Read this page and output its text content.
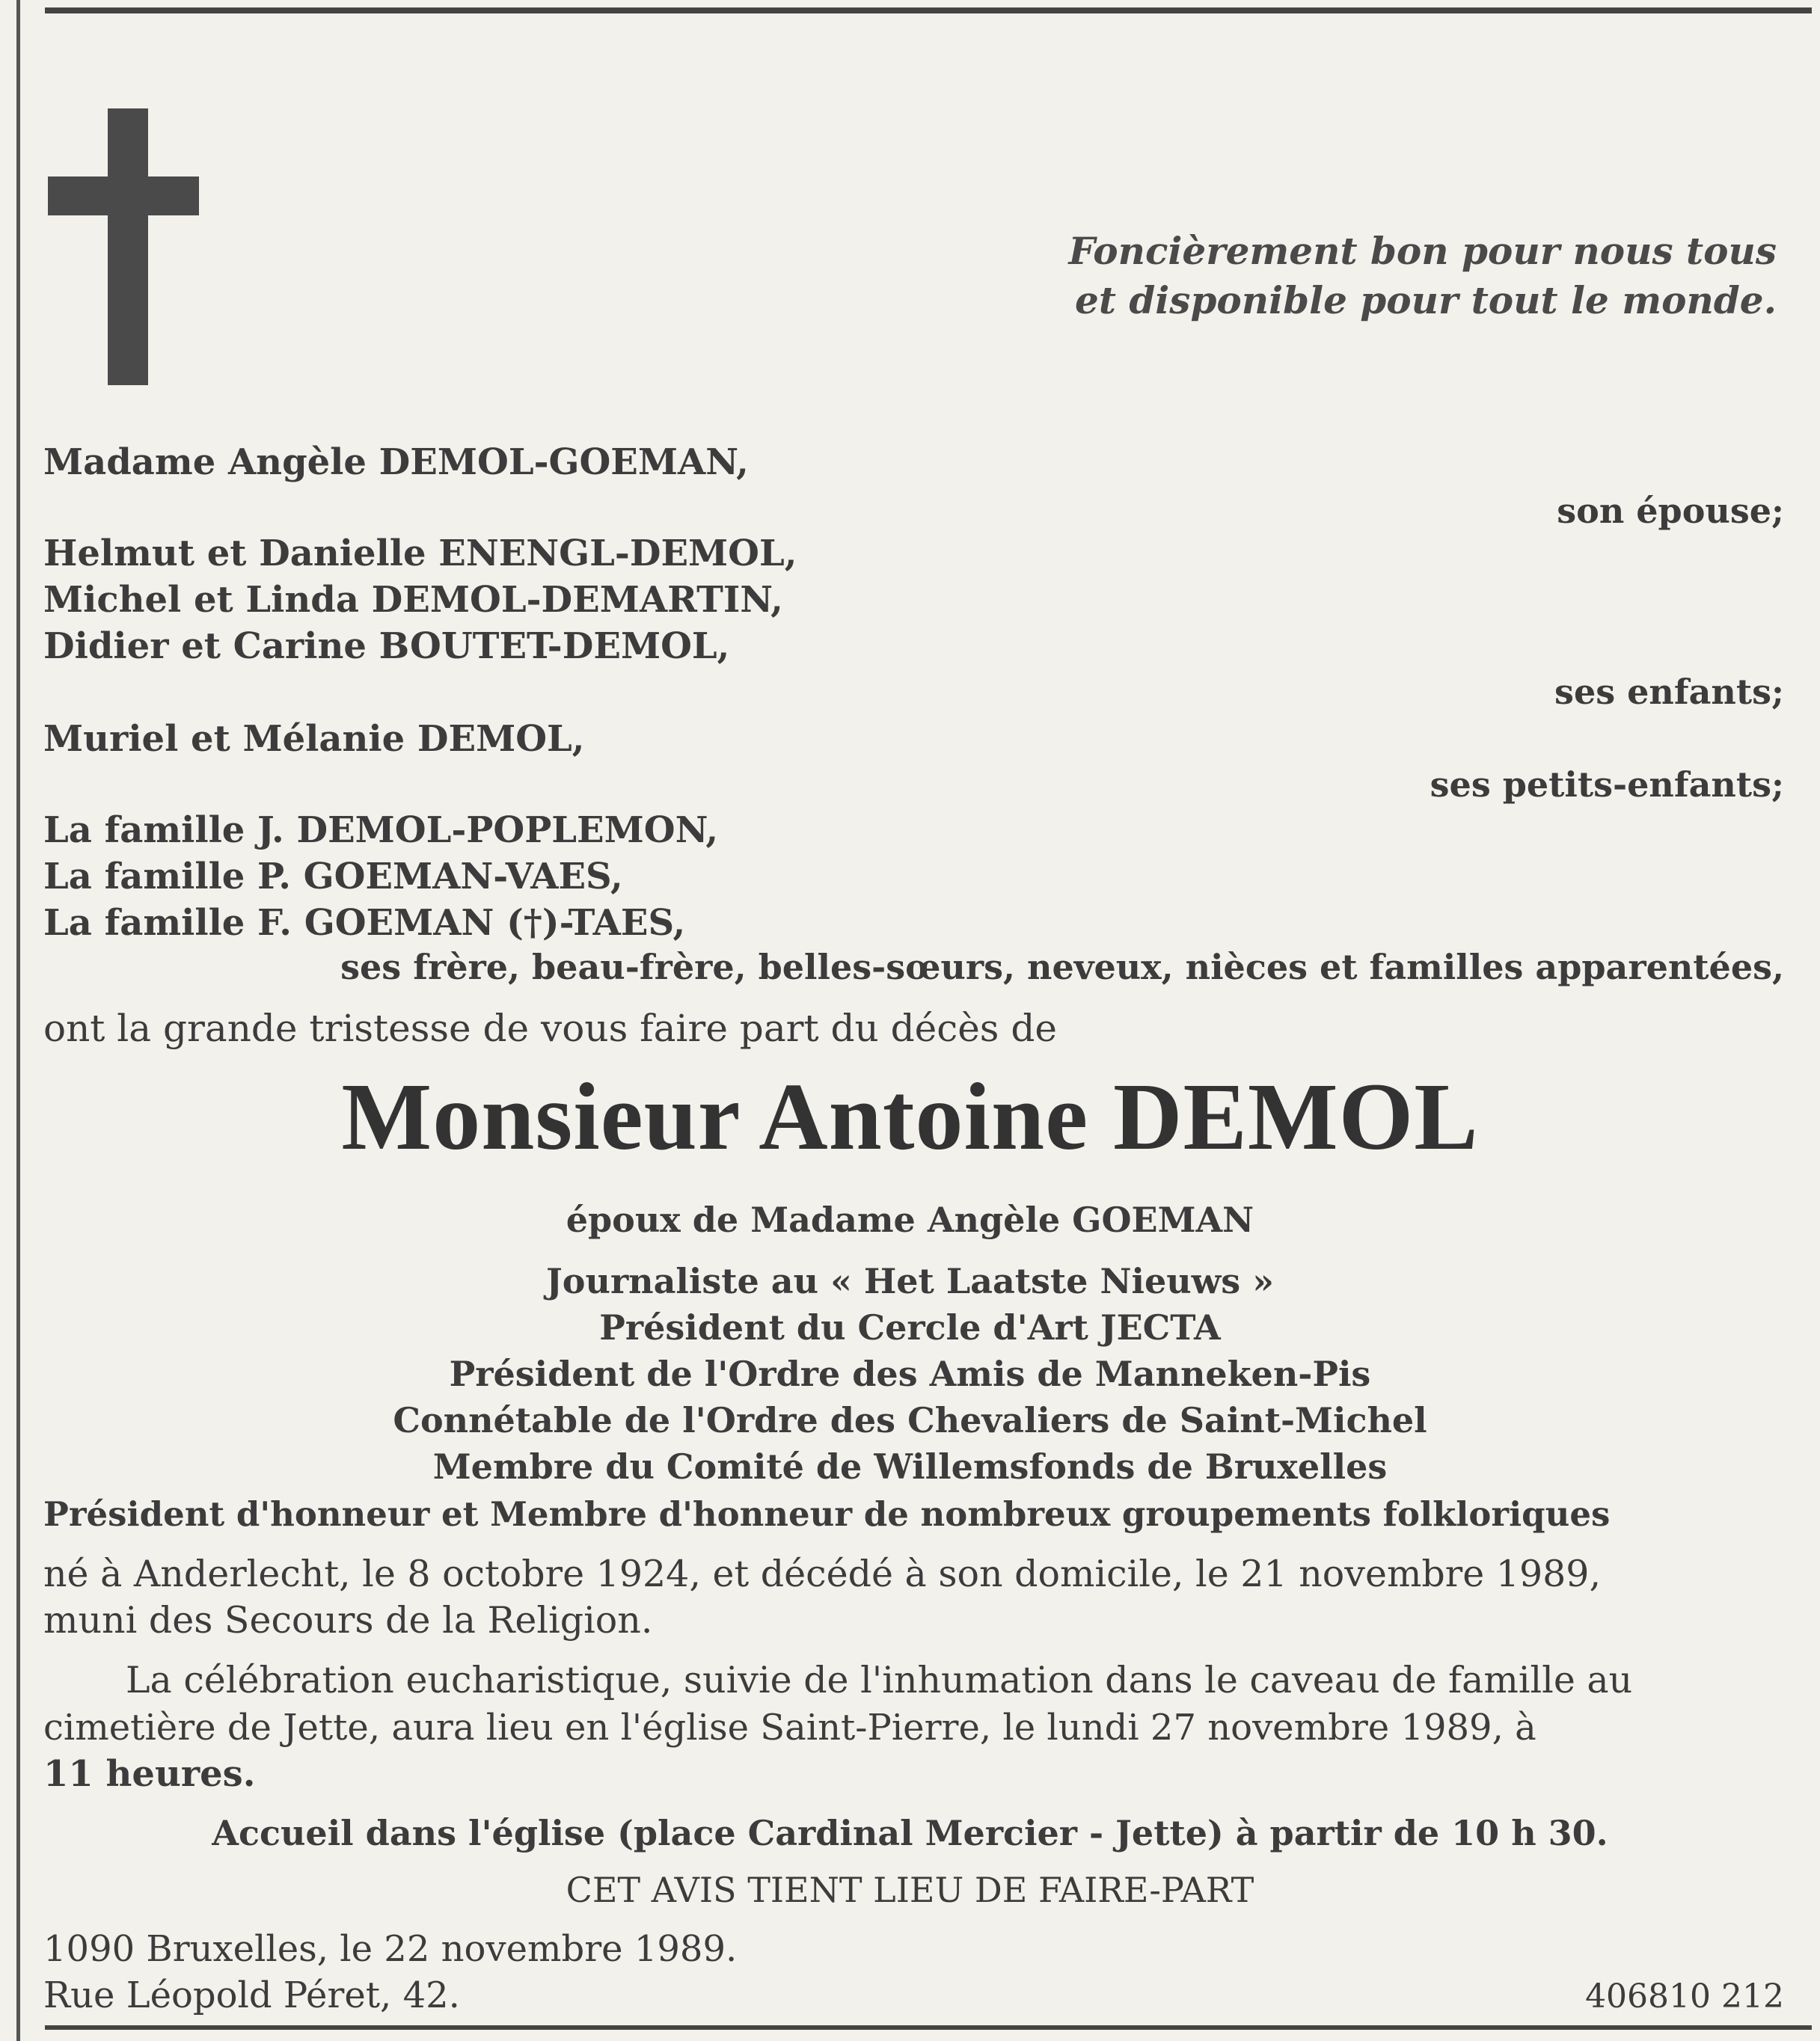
Foncièrement bon pour nous tous
et disponible pour tout le monde.
Madame Angèle DEMOL-GOEMAN,
son épouse;
Helmut et Danielle ENENGL-DEMOL,
Michel et Linda DEMOL-DEMARTIN,
Didier et Carine BOUTET-DEMOL,
ses enfants;
Muriel et Mélanie DEMOL,
ses petits-enfants;
La famille J. DEMOL-POPLEMON,
La famille P. GOEMAN-VAES,
La famille F. GOEMAN (†)-TAES,
ses frère, beau-frère, belles-sœurs, neveux, nièces et familles apparentées,
ont la grande tristesse de vous faire part du décès de
Monsieur Antoine DEMOL
époux de Madame Angèle GOEMAN
Journaliste au « Het Laatste Nieuws »
Président du Cercle d'Art JECTA
Président de l'Ordre des Amis de Manneken-Pis
Connétable de l'Ordre des Chevaliers de Saint-Michel
Membre du Comité de Willemsfonds de Bruxelles
Président d'honneur et Membre d'honneur de nombreux groupements folkloriques
né à Anderlecht, le 8 octobre 1924, et décédé à son domicile, le 21 novembre 1989,
muni des Secours de la Religion.
La célébration eucharistique, suivie de l'inhumation dans le caveau de famille au
cimetière de Jette, aura lieu en l'église Saint-Pierre, le lundi 27 novembre 1989, à
11 heures.
Accueil dans l'église (place Cardinal Mercier - Jette) à partir de 10 h 30.
CET AVIS TIENT LIEU DE FAIRE-PART
1090 Bruxelles, le 22 novembre 1989.
Rue Léopold Péret, 42.	406810 212
